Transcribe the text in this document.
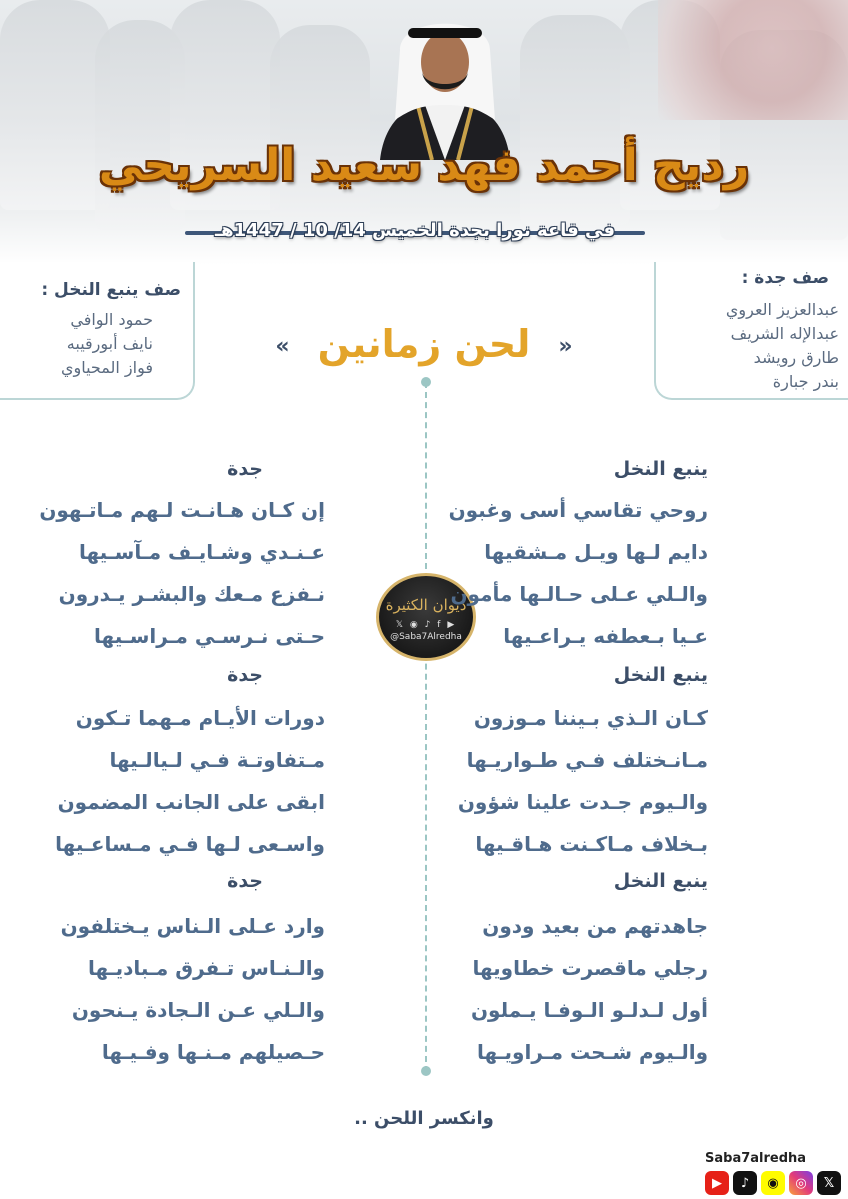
رديح أحمد فهد سعيد السريحي
في قاعة نورا بجدة الخميس 14/ 10 / 1447هـ
صف ينبع النخل :
حمود الوافي
نايف أبورقيبه
فواز المحياوي
صف جدة :
عبدالعزيز العروي
عبدالإله الشريف
طارق رويشد
بندر جبارة
«لحن زمانين»
ديوان الكثيرة
𝕏 ◉ ♪ f ▶
@Saba7Alredha
ينبع النخل
روحي تقاسي أسى وغبون
دايم لـها ويـل مـشقيها
والـلي عـلى حـالـها مأمون
عـيا بـعطفه يـراعـيها
ينبع النخل
كـان الـذي بـيننا مـوزون
مـانـختلف فـي طـواريـها
والـيوم جـدت علينا شؤون
بـخلاف مـاكـنت هـاقـيها
ينبع النخل
جاهدتهم من بعيد ودون
رجلي ماقصرت خطاويها
أول لـدلـو الـوفـا يـملون
والـيوم شـحت مـراويـها
جدة
إن كـان هـانـت لـهم مـاتـهون
عـنـدي وشـايـف مـآسـيها
نـفزع مـعك والبشـر يـدرون
حـتى نـرسـي مـراسـيها
جدة
دورات الأيـام مـهما تـكون
مـتفاوتـة فـي لـيالـيها
ابقى على الجانب المضمون
واسـعى لـها فـي مـساعـيها
جدة
وارد عـلى الـناس يـختلفون
والـنـاس تـفرق مـباديـها
والـلي عـن الـجادة يـنحون
حـصيلهم مـنـها وفـيـها
وانكسر اللحن ..
Saba7alredha
▶	♪	◉	◎	𝕏
